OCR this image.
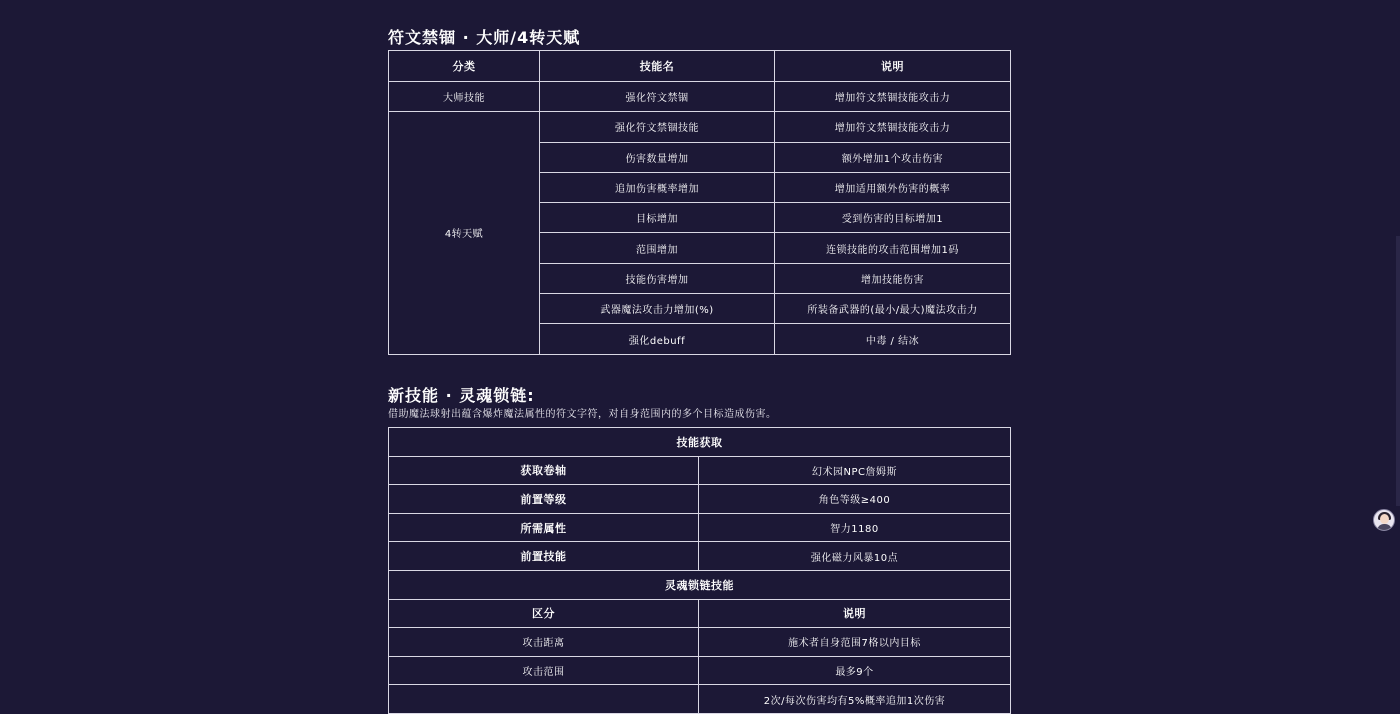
符文禁锢 · 大师/4转天赋
分类	技能名	说明
大师技能	强化符文禁锢	增加符文禁锢技能攻击力
4转天赋	强化符文禁锢技能	增加符文禁锢技能攻击力
	伤害数量增加	额外增加1个攻击伤害
	追加伤害概率增加	增加适用额外伤害的概率
	目标增加	受到伤害的目标增加1
	范围增加	连锁技能的攻击范围增加1码
	技能伤害增加	增加技能伤害
	武器魔法攻击力增加(%)	所装备武器的(最小/最大)魔法攻击力
	强化debuff	中毒 / 结冰
新技能 · 灵魂锁链:
借助魔法球射出蕴含爆炸魔法属性的符文字符，对自身范围内的多个目标造成伤害。
技能获取	
获取卷轴	幻术园NPC詹姆斯
前置等级	角色等级≥400
所需属性	智力1180
前置技能	强化磁力风暴10点
灵魂锁链技能	
区分	说明
攻击距离	施术者自身范围7格以内目标
攻击范围	最多9个
	2次/每次伤害均有5%概率追加1次伤害
